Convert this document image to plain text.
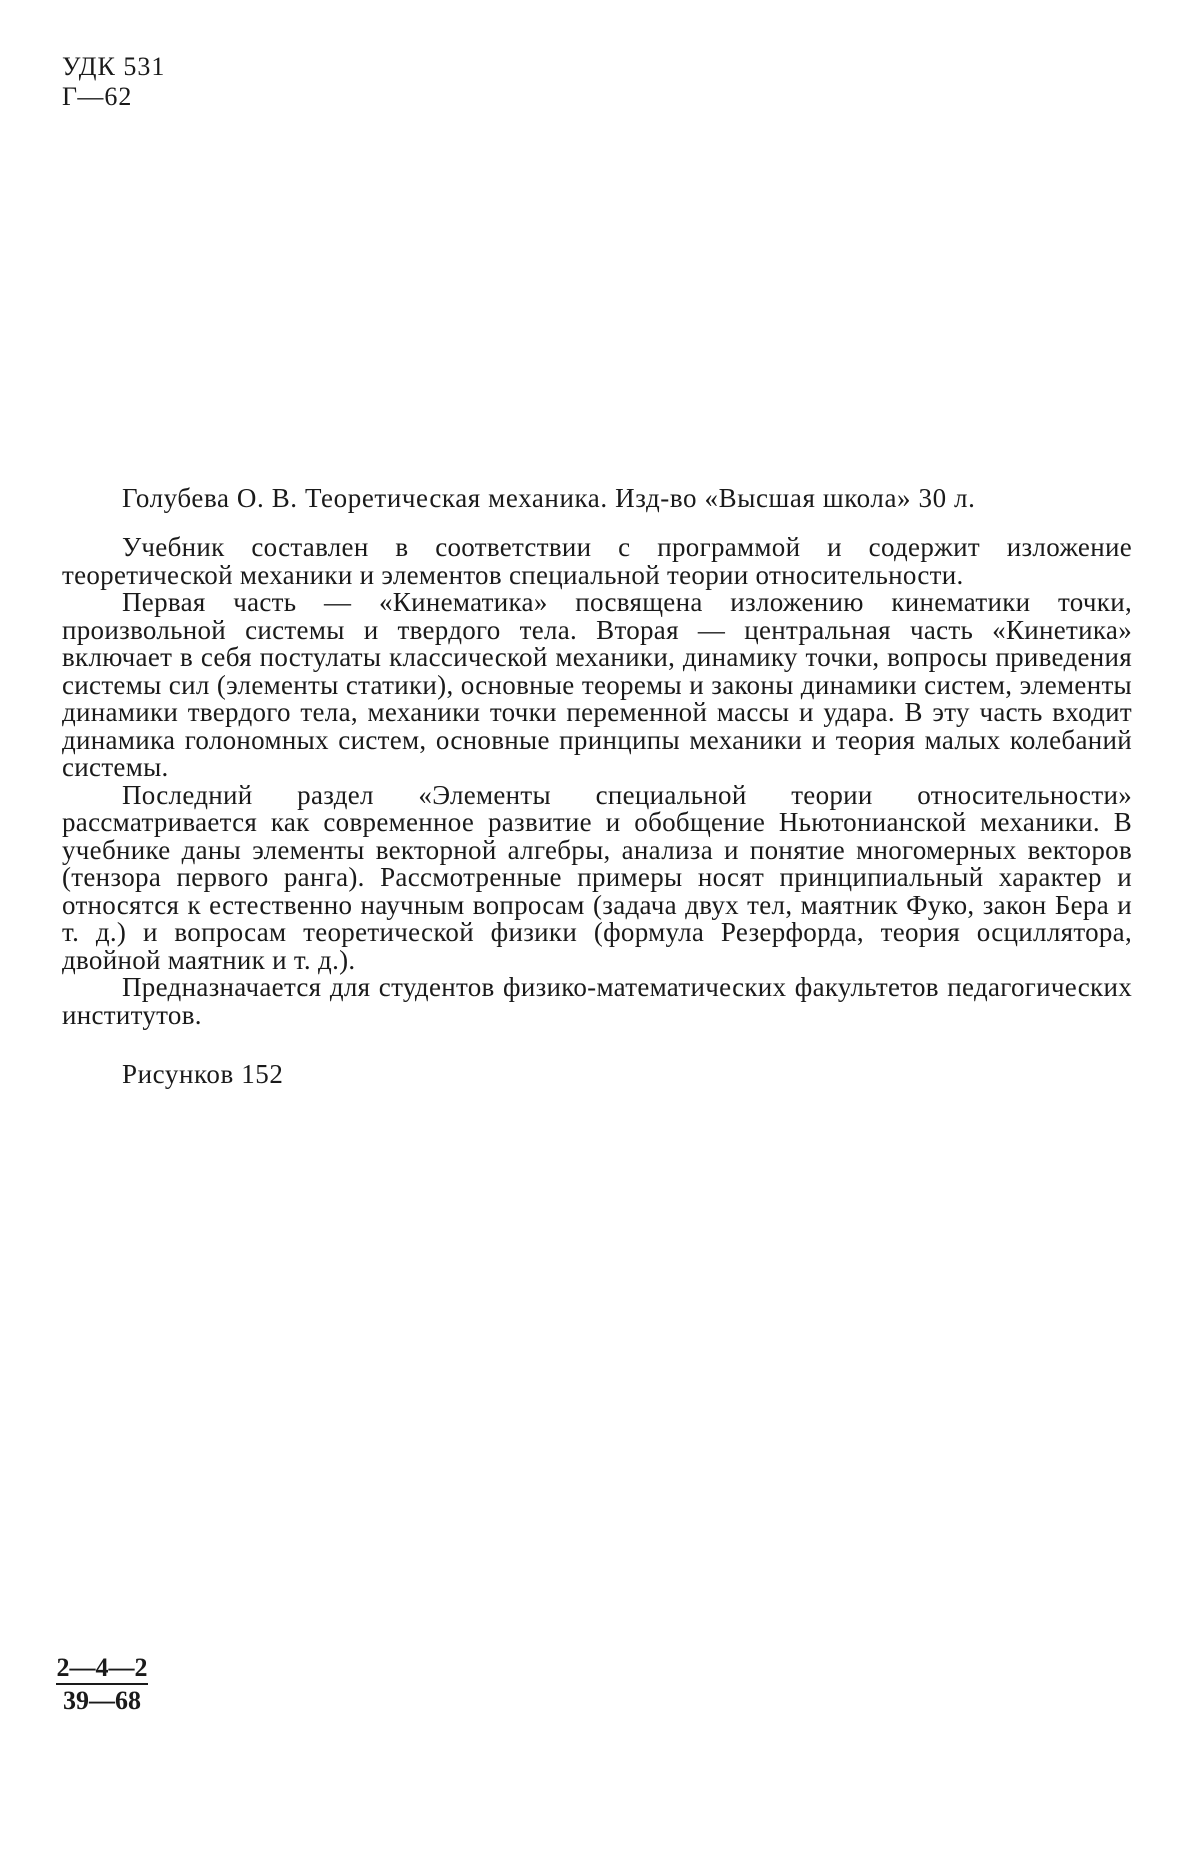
УДК 531
Г—62
Голубева О. В. Теоретическая механика. Изд-во «Высшая школа» 30 л.

Учебник составлен в соответствии с программой и содержит изложение теоретической механики и элементов специальной теории относительности.

Первая часть — «Кинематика» посвящена изложению кинематики точки, произвольной системы и твердого тела. Вторая — центральная часть «Кинетика» включает в себя постулаты классической механики, динамику точки, вопросы приведения системы сил (элементы статики), основные теоремы и законы динамики систем, элементы динамики твердого тела, механики точки переменной массы и удара. В эту часть входит динамика голономных систем, основные принципы механики и теория малых колебаний системы.

Последний раздел «Элементы специальной теории относительности» рассматривается как современное развитие и обобщение Ньютонианской механики. В учебнике даны элементы векторной алгебры, анализа и понятие многомерных векторов (тензора первого ранга). Рассмотренные примеры носят принципиальный характер и относятся к естественно научным вопросам (задача двух тел, маятник Фуко, закон Бера и т. д.) и вопросам теоретической физики (формула Резерфорда, теория осциллятора, двойной маятник и т. д.).

Предназначается для студентов физико-математических факультетов педагогических институтов.

Рисунков 152
2—4—2
39—68
